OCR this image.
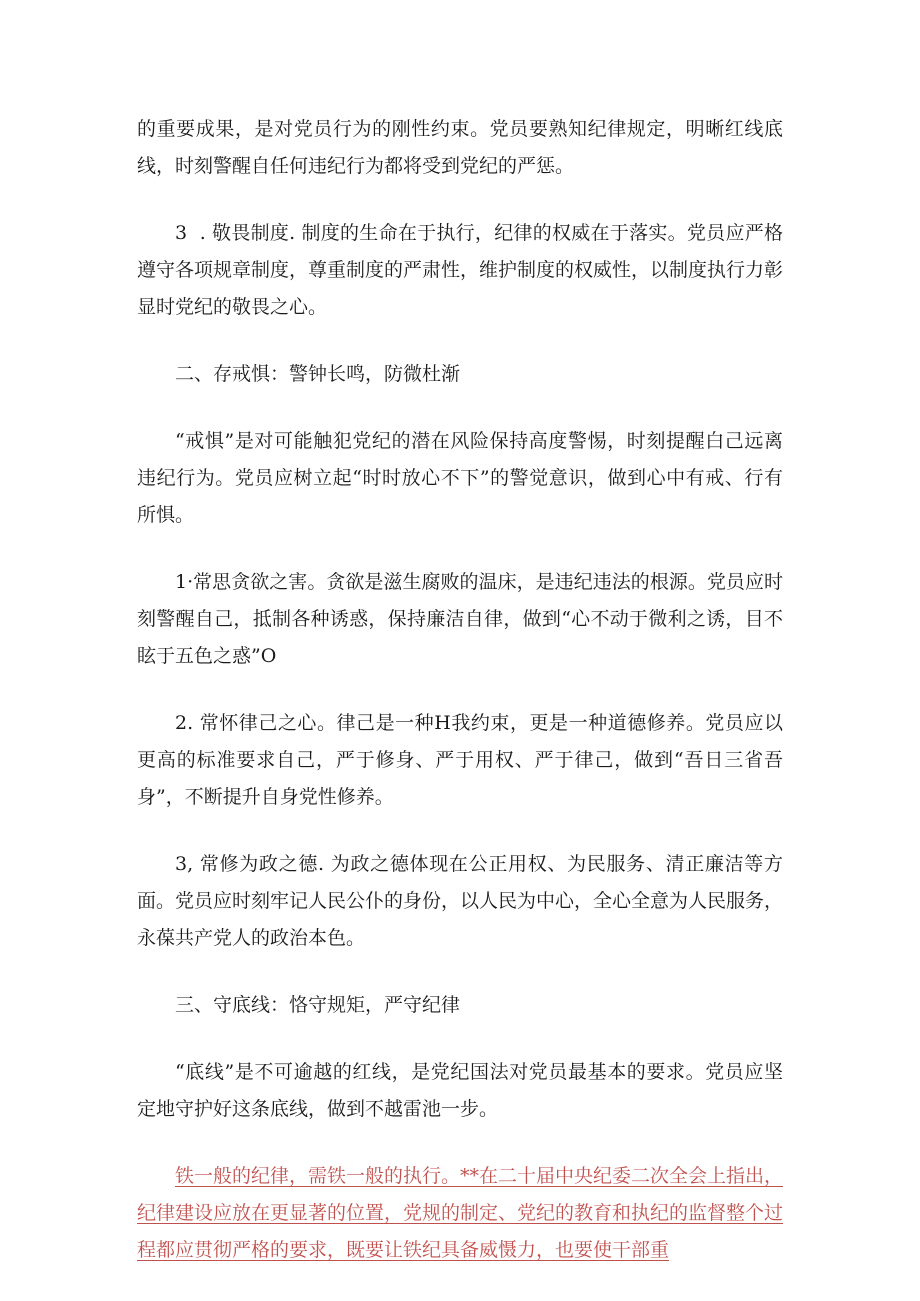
的重要成果，是对党员行为的刚性约束。党员要熟知纪律规定，明晰红线底线，时刻警醒自任何违纪行为都将受到党纪的严惩。

3  . 敬畏制度. 制度的生命在于执行，纪律的权威在于落实。党员应严格遵守各项规章制度，尊重制度的严肃性，维护制度的权威性，以制度执行力彰显时党纪的敬畏之心。

二、存戒惧：警钟长鸣，防微杜渐

“戒惧”是对可能触犯党纪的潜在风险保持高度警惕，时刻提醒白己远离违纪行为。党员应树立起“时时放心不下”的警觉意识，做到心中有戒、行有所惧。

1·常思贪欲之害。贪欲是滋生腐败的温床，是违纪违法的根源。党员应时刻警醒自己，抵制各种诱惑，保持廉洁自律，做到“心不动于微利之诱，目不眩于五色之惑”O

2. 常怀律己之心。律己是一种H我约束，更是一种道德修养。党员应以更高的标准要求自己，严于修身、严于用权、严于律己，做到“吾日三省吾身”，不断提升自身党性修养。

3, 常修为政之德. 为政之德体现在公正用权、为民服务、清正廉洁等方面。党员应时刻牢记人民公仆的身份，以人民为中心，全心全意为人民服务，永葆共产党人的政治本色。

三、守底线：恪守规矩，严守纪律

“底线”是不可逾越的红线，是党纪国法对党员最基本的要求。党员应坚定地守护好这条底线，做到不越雷池一步。

铁一般的纪律，需铁一般的执行。**在二十届中央纪委二次全会上指出，纪律建设应放在更显著的位置，党规的制定、党纪的教育和执纪的监督整个过程都应贯彻严格的要求，既要让铁纪具备威慑力，也要使干部重
